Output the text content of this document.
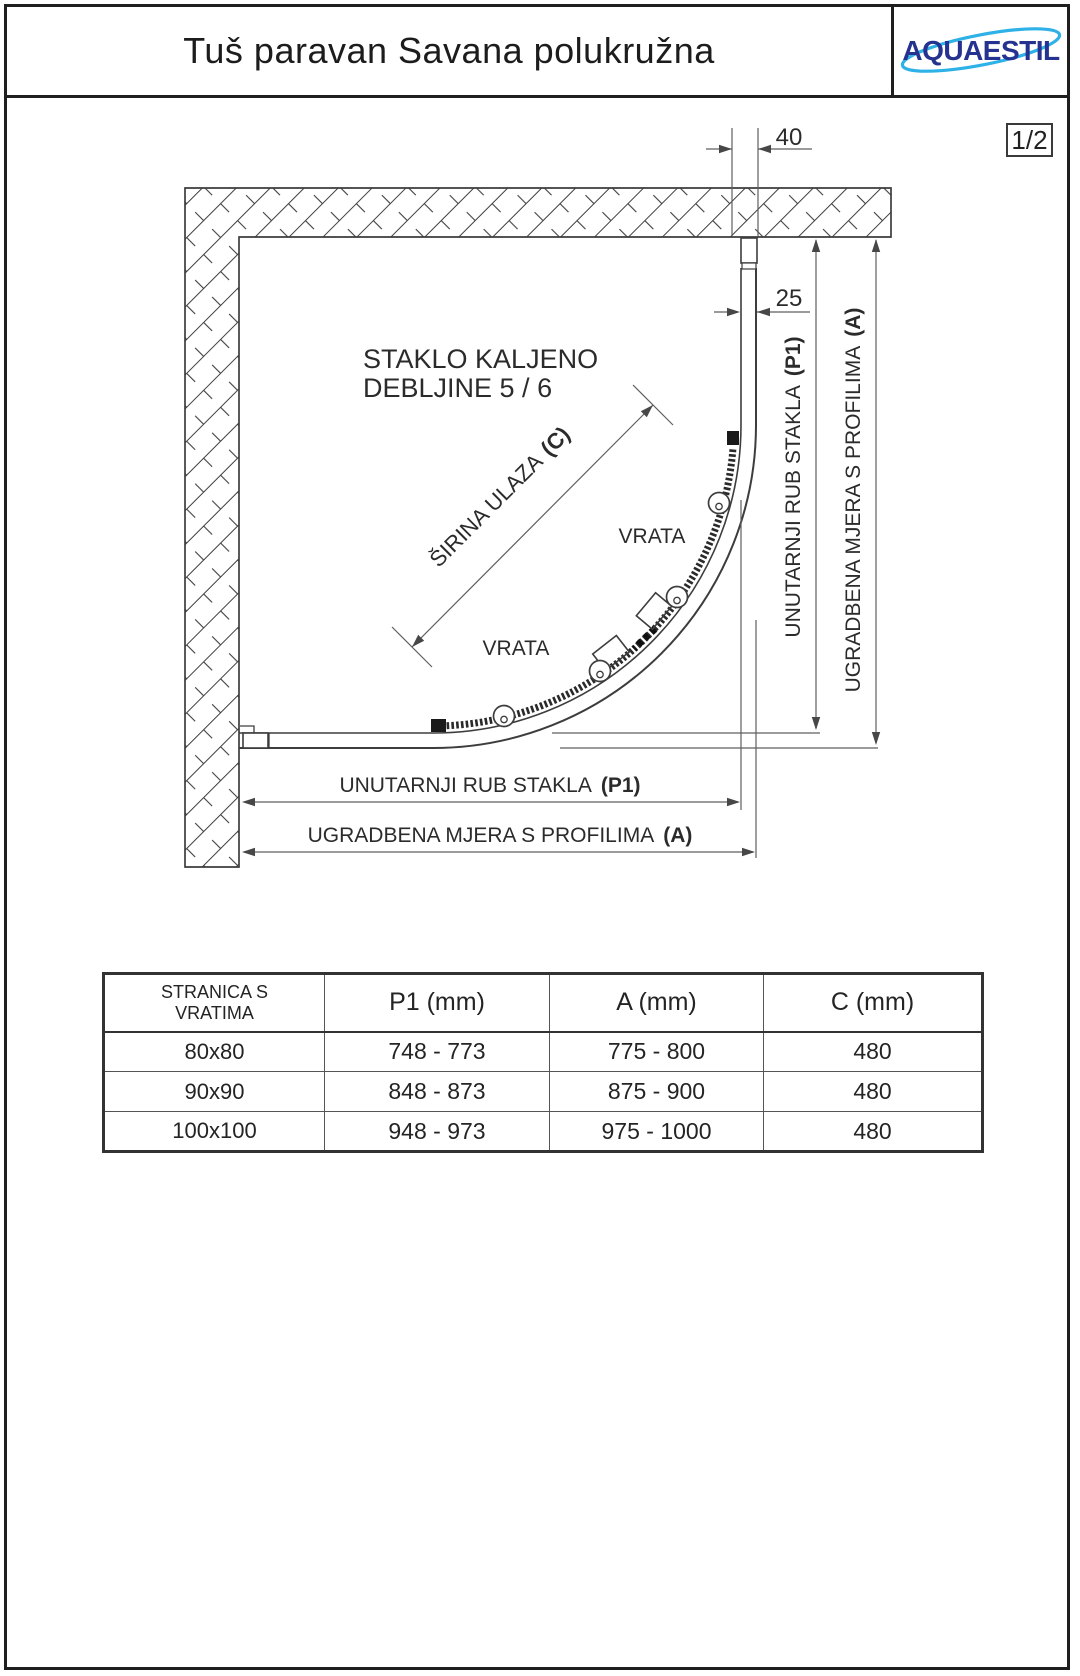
Tuš paravan Savana polukružna	AQUAESTIL
1/2
40
25
UNUTARNJI RUB STAKLA(P1) UGRADBENA MJERA S PROFILIMA(A)
UNUTARNJI RUB STAKLA (P1)
UGRADBENA MJERA S PROFILIMA (A)
ŠIRINA ULAZA(C)
STAKLO KALJENO
DEBLJINE 5 / 6
VRATA
VRATA
STRANICA S
VRATIMA	P1 (mm)	A (mm)	C (mm)
80x80	748 - 773	775 - 800	480
90x90	848 - 873	875 - 900	480
100x100	948 - 973	975 - 1000	480
